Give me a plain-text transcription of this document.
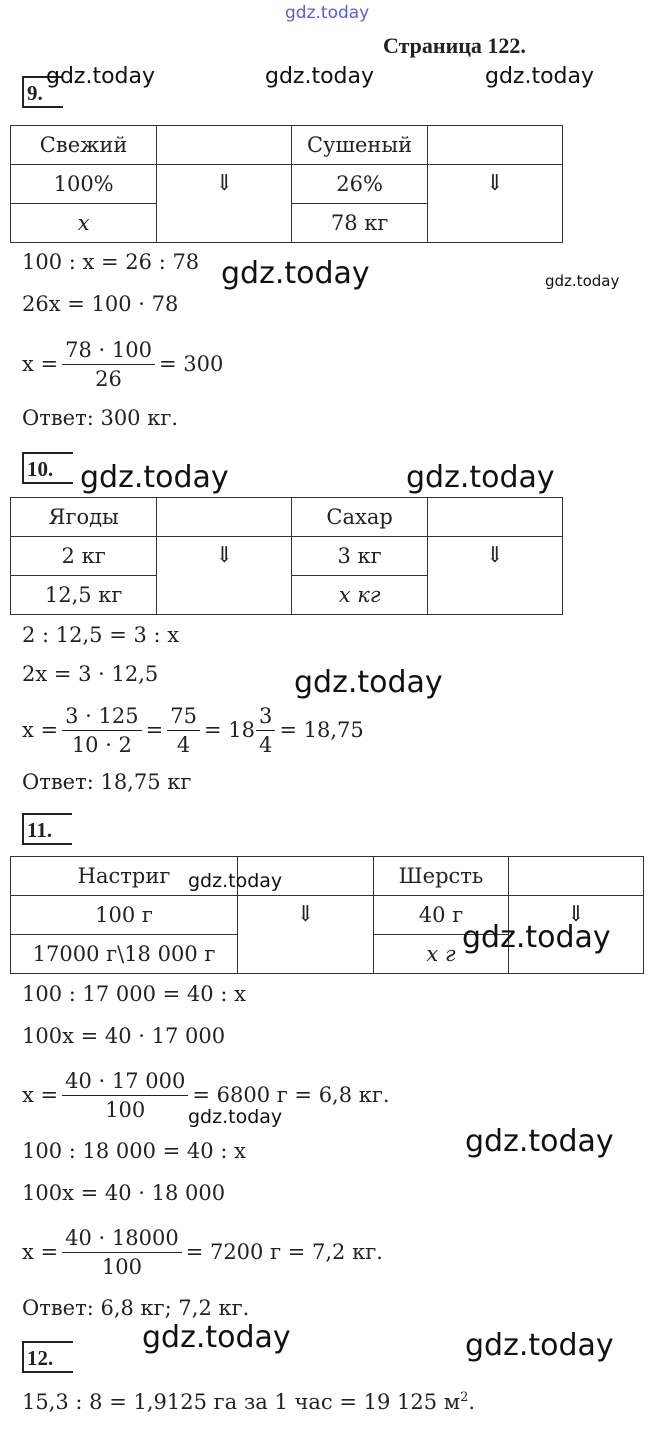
gdz.today
Страница 122.
9.
gdz.today	gdz.today	gdz.today
Свежий		Сушеный	
100%	⇓	26%	⇓
x		78 кг	
100 : x = 26 : 78 gdz.today	gdz.today
26x = 100 · 78
$x = \frac{78 \cdot 100}{26} = 300$
Ответ: 300 кг.
10. gdz.today	gdz.today
Ягоды		Сахар	
2 кг	⇓	3 кг	⇓
12,5 кг		x кг	
2 : 12,5 = 3 : x
2x = 3 · 12,5	gdz.today
$x = \frac{3 \cdot 125}{10 \cdot 2} = \frac{75}{4} = 18 \frac{3}{4} = 18,75$
Ответ: 18,75 кг
11.
Настриг		Шерсть	
100 г	⇓	40 г	⇓
17000 г\18 000 г		x г	
gdz.today
gdz.today
100 : 17 000 = 40 : x
100x = 40 · 17 000
$x = \frac{40 \cdot 17 000}{100} = 6800$ г = 6,8 кг.
gdz.today
100 : 18 000 = 40 : x	gdz.today
100x = 40 · 18 000
$x = \frac{40 \cdot 18000}{100} = 7200$ г = 7,2 кг.
Ответ: 6,8 кг; 7,2 кг.
gdz.today	gdz.today
12.
15,3 : 8 = 1,9125 га за 1 час = 19 125 $м^2$.
